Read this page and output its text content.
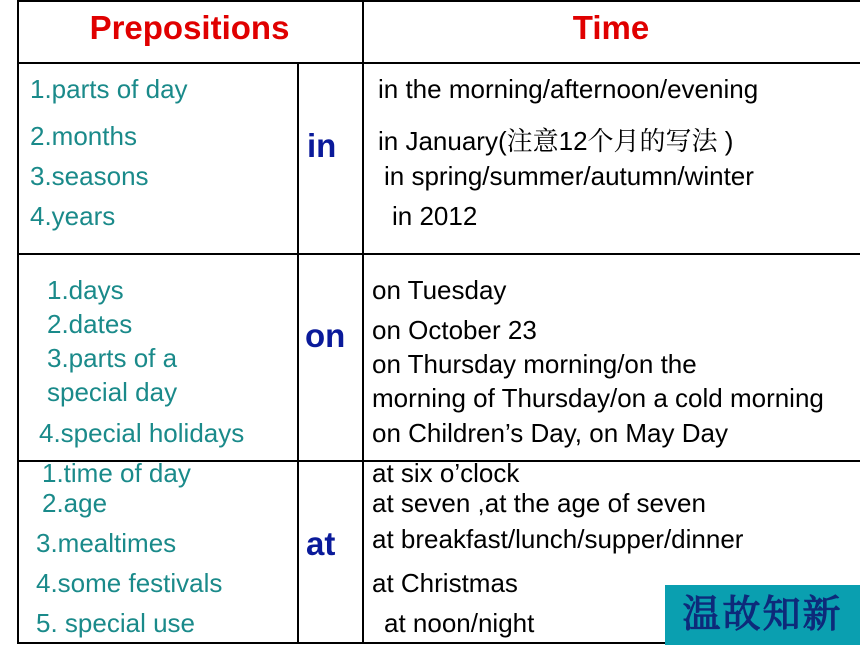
Prepositions	Time
1.parts of day
2.months
3.seasons
4.years
in
in the morning/afternoon/evening
in January(注意12个月的写法 )
in spring/summer/autumn/winter
in 2012
1.days
2.dates
3.parts of a
special day
4.special holidays
on
on Tuesday
on October 23
on Thursday morning/on the
morning of Thursday/on a cold morning
on Children’s Day, on May Day
1.time of day
2.age
3.mealtimes
4.some festivals
5. special use
at
at six o’clock
at seven ,at the age of seven
at breakfast/lunch/supper/dinner
at Christmas
at noon/night	温故知新
